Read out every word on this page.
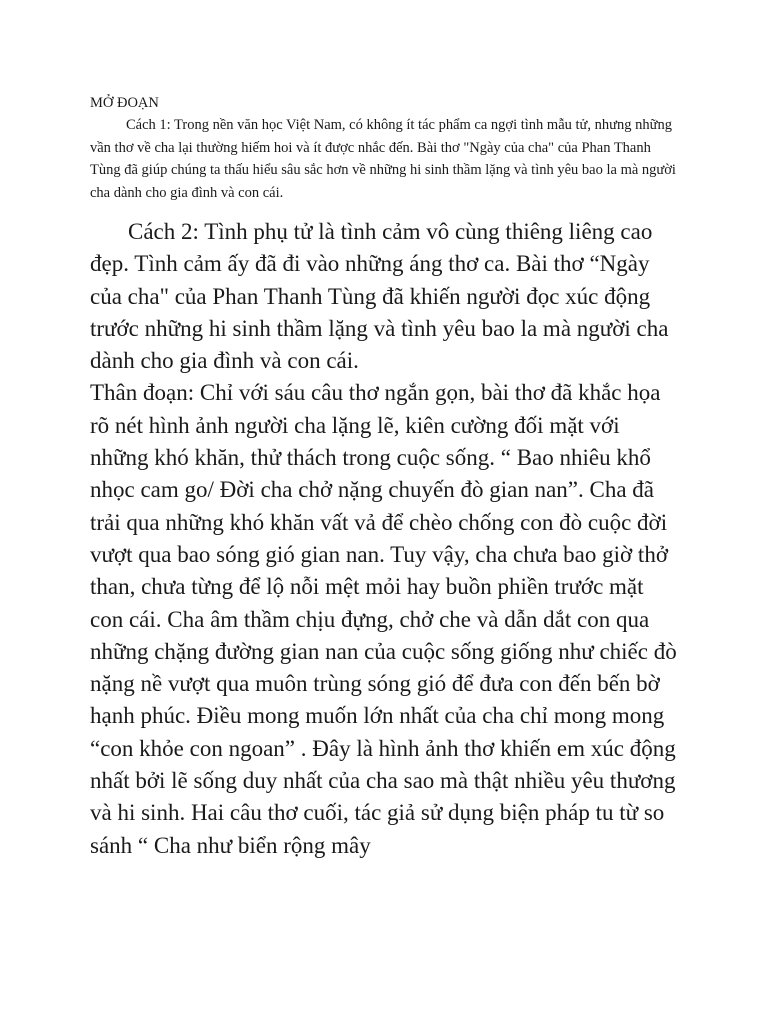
MỞ ĐOẠN

Cách 1: Trong nền văn học Việt Nam, có không ít tác phẩm ca ngợi tình mẫu tử, nhưng những vần thơ về cha lại thường hiếm hoi và ít được nhắc đến. Bài thơ "Ngày của cha" của Phan Thanh Tùng đã giúp chúng ta thấu hiểu sâu sắc hơn về những hi sinh thầm lặng và tình yêu bao la mà người cha dành cho gia đình và con cái.

Cách 2: Tình phụ tử là tình cảm vô cùng thiêng liêng cao đẹp. Tình cảm ấy đã đi vào những áng thơ ca. Bài thơ “Ngày của cha" của Phan Thanh Tùng đã khiến người đọc xúc động trước những hi sinh thầm lặng và tình yêu bao la mà người cha dành cho gia đình và con cái.

Thân đoạn: Chỉ với sáu câu thơ ngắn gọn, bài thơ đã khắc họa rõ nét hình ảnh người cha lặng lẽ, kiên cường đối mặt với những khó khăn, thử thách trong cuộc sống. “ Bao nhiêu khổ nhọc cam go/ Đời cha chở nặng chuyến đò gian nan”. Cha đã trải qua những khó khăn vất vả để chèo chống con đò cuộc đời vượt qua bao sóng gió gian nan. Tuy vậy, cha chưa bao giờ thở than, chưa từng để lộ nỗi mệt mỏi hay buồn phiền trước mặt con cái. Cha âm thầm chịu đựng, chở che và dẫn dắt con qua những chặng đường gian nan của cuộc sống giống như chiếc đò nặng nề vượt qua muôn trùng sóng gió để đưa con đến bến bờ hạnh phúc. Điều mong muốn lớn nhất của cha chỉ mong mong “con khỏe con ngoan” . Đây là hình ảnh thơ khiến em xúc động nhất bởi lẽ sống duy nhất của cha sao mà thật nhiều yêu thương và hi sinh. Hai câu thơ cuối, tác giả sử dụng biện pháp tu từ so sánh “ Cha như biển rộng mây
